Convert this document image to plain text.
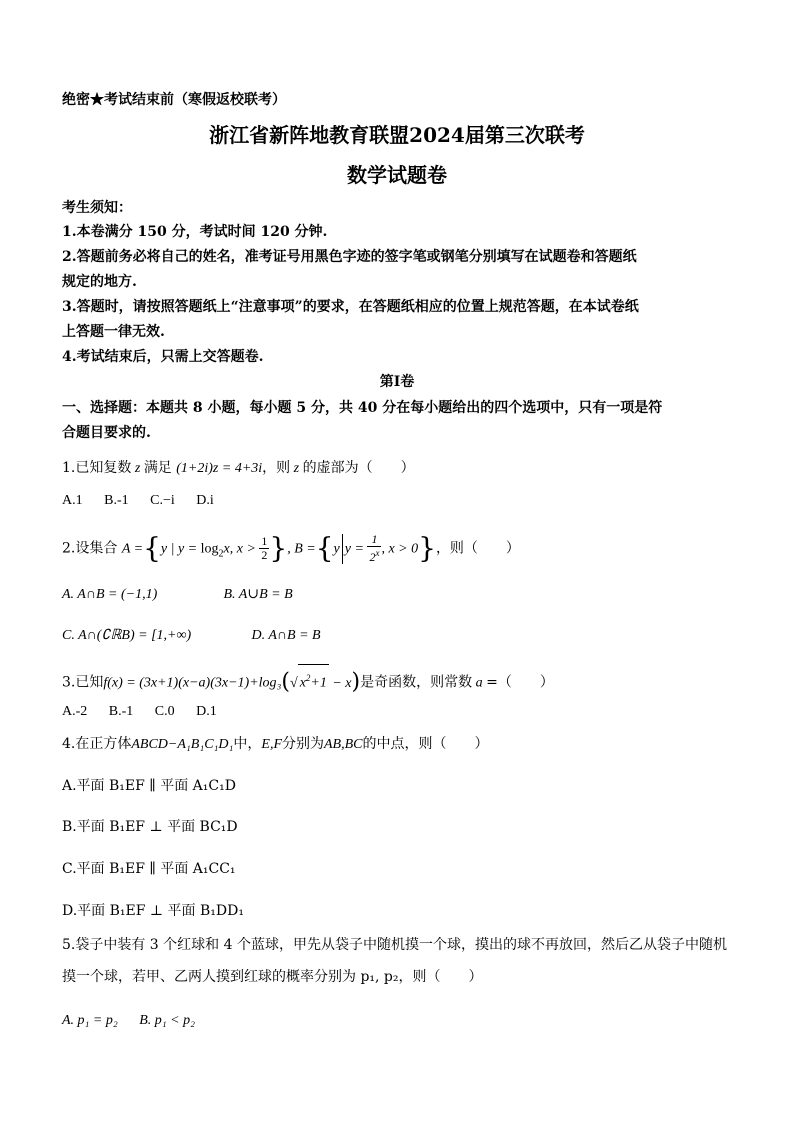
绝密★考试结束前（寒假返校联考）
浙江省新阵地教育联盟2024届第三次联考
数学试题卷
考生须知：
1.本卷满分 150 分，考试时间 120 分钟.
2.答题前务必将自己的姓名，准考证号用黑色字迹的签字笔或钢笔分别填写在试题卷和答题纸
规定的地方.
3.答题时，请按照答题纸上“注意事项”的要求，在答题纸相应的位置上规范答题，在本试卷纸
上答题一律无效.
4.考试结束后，只需上交答题卷.
第I卷
一、选择题：本题共 8 小题，每小题 5 分，共 40 分在每小题给出的四个选项中，只有一项是符
合题目要求的.
1.已知复数 z 满足 (1+2i)z = 4+3i，则 z 的虚部为（　　）
A.1 B.-1 C.−i D.i
2.设集合 A ={y | $y = \log_2x$, $x > \frac{1}{2}$ }, B ={y $y = \frac{1}{2^x}$ , x > 0}，则（　　）
A. A∩B = (−1,1)	B. A∪B = B
C. A∩(∁ℝB) = [1,+∞)	D. A∩B = B
3.已知f(x) = (3x+1)(x−a)(3x−1)+log₃(√ $x^2+1 - x$)是奇函数，则常数 a =（　　）
A.-2 B.-1 C.0 D.1
4.在正方体ABCD−A₁B₁C₁D₁中，E,F分别为AB,BC的中点，则（　　）
A.平面 B₁EF ∥ 平面 A₁C₁D
B.平面 B₁EF ⊥ 平面 BC₁D
C.平面 B₁EF ∥ 平面 A₁CC₁
D.平面 B₁EF ⊥ 平面 B₁DD₁
5.袋子中装有 3 个红球和 4 个蓝球，甲先从袋子中随机摸一个球，摸出的球不再放回，然后乙从袋子中随机
摸一个球，若甲、乙两人摸到红球的概率分别为 p₁, p₂，则（　　）
A. p₁ = p₂ B. p₁ < p₂
